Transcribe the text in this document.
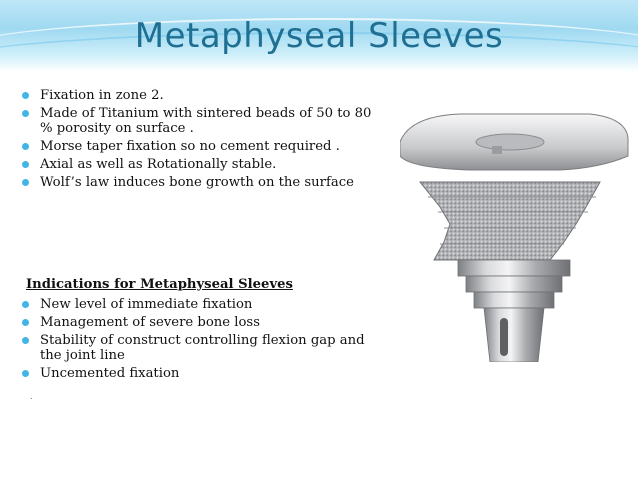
Metaphyseal Sleeves
Fixation in zone 2.
Made of Titanium with sintered beads of 50 to 80 % porosity on surface .
Morse taper fixation so no cement required .
Axial as well as Rotationally stable.
Wolf’s law induces bone growth on the surface

Indications for Metaphyseal Sleeves

New level of immediate fixation
Management of severe bone loss
Stability of construct controlling flexion gap and the joint line
Uncemented fixation
.
